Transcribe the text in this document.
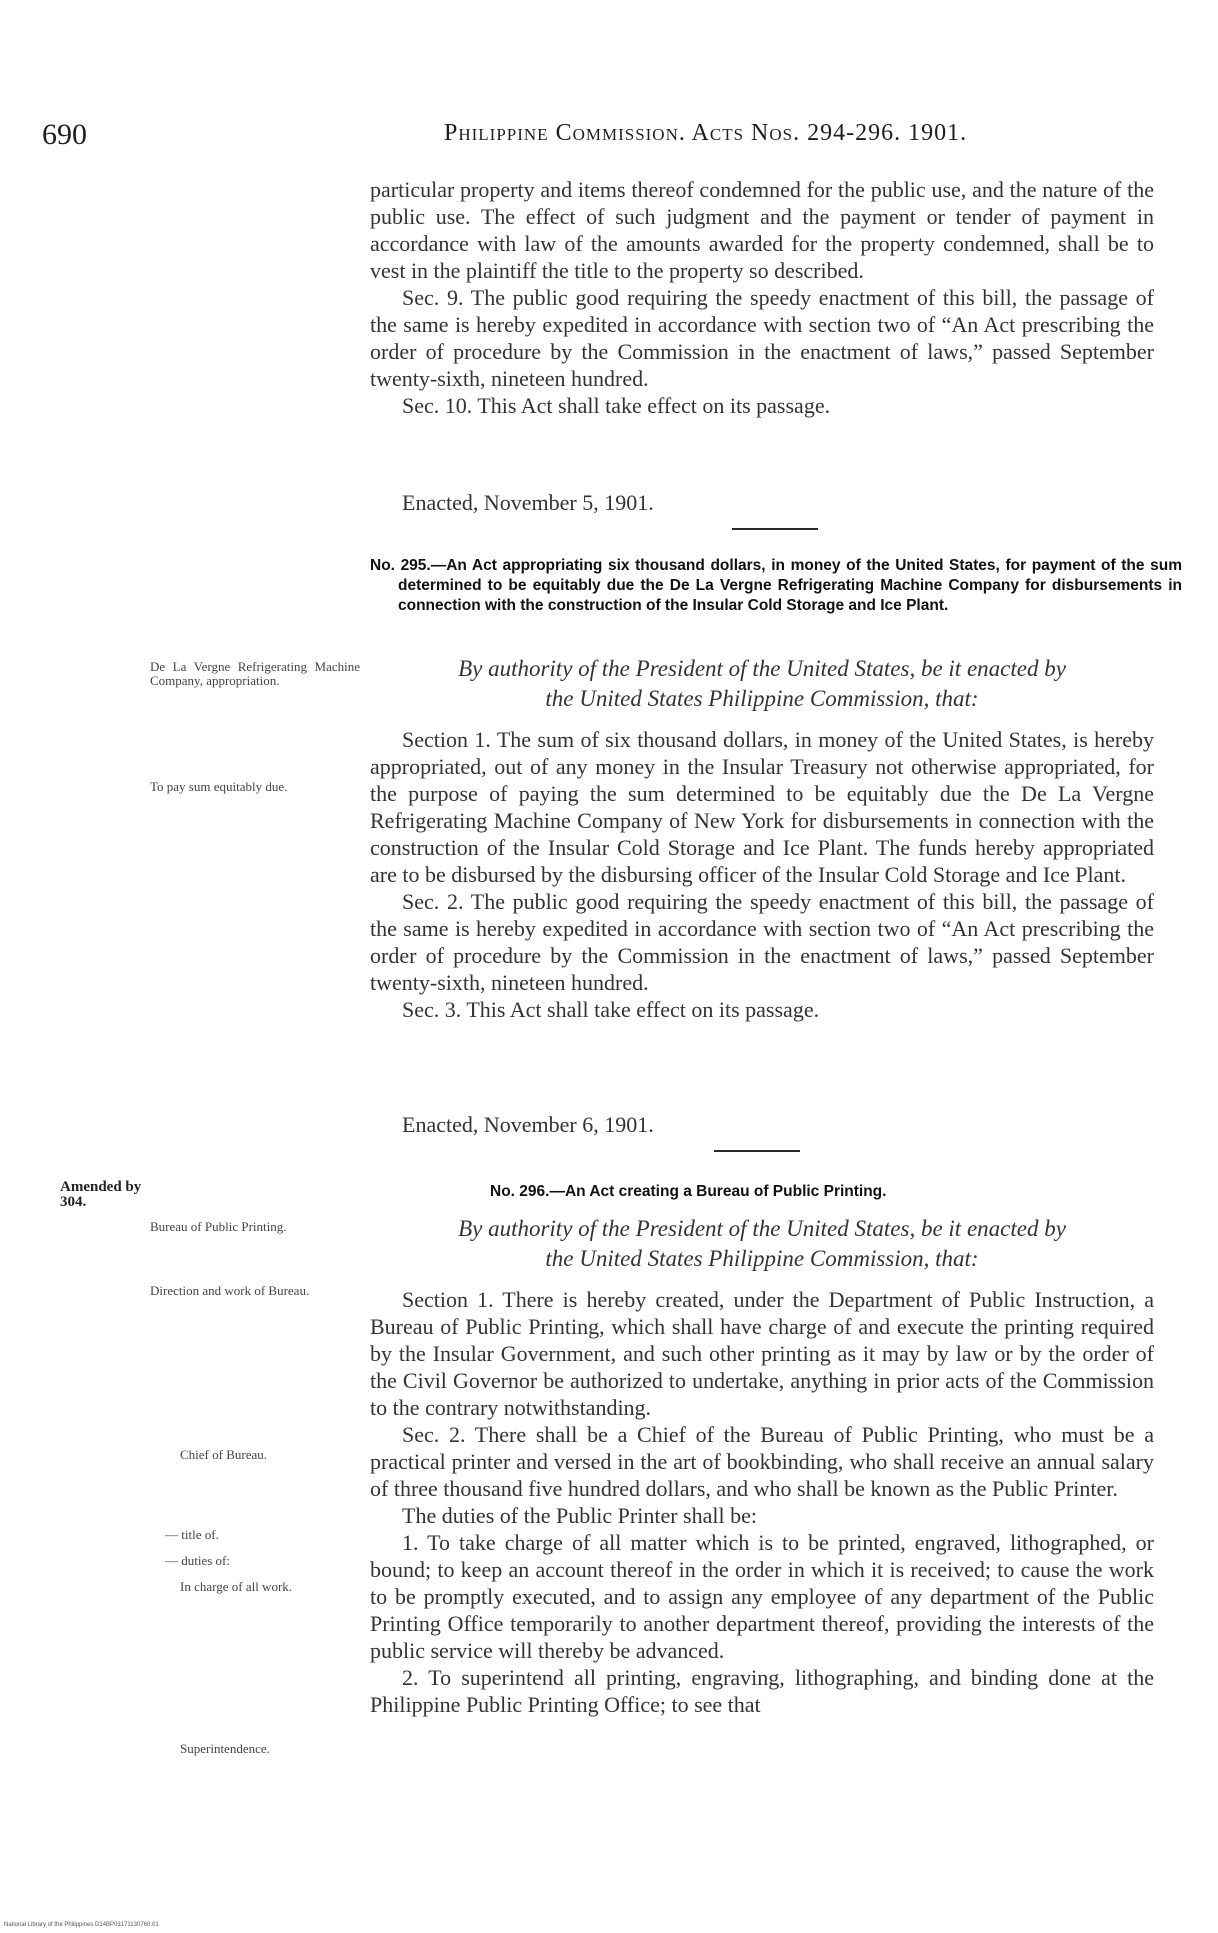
690	Philippine Commission. Acts Nos. 294-296. 1901.

particular property and items thereof condemned for the public use, and the nature of the public use. The effect of such judgment and the payment or tender of payment in accordance with law of the amounts awarded for the property condemned, shall be to vest in the plaintiff the title to the property so described.

Sec. 9. The public good requiring the speedy enactment of this bill, the passage of the same is hereby expedited in accordance with section two of “An Act prescribing the order of procedure by the Commission in the enactment of laws,” passed September twenty-sixth, nineteen hundred.

Sec. 10. This Act shall take effect on its passage.

Enacted, November 5, 1901.
No. 295.—An Act appropriating six thousand dollars, in money of the United States, for payment of the sum determined to be equitably due the De La Vergne Refrigerating Machine Company for disbursements in connection with the construction of the Insular Cold Storage and Ice Plant.
De La Vergne Refrigerating Machine Company, appropriation.	By authority of the President of the United States, be it enacted by
the United States Philippine Commission, that:
To pay sum equitably due.

Section 1. The sum of six thousand dollars, in money of the United States, is hereby appropriated, out of any money in the Insular Treasury not otherwise appropriated, for the purpose of paying the sum determined to be equitably due the De La Vergne Refrigerating Machine Company of New York for disbursements in connection with the construction of the Insular Cold Storage and Ice Plant. The funds hereby appropriated are to be disbursed by the disbursing officer of the Insular Cold Storage and Ice Plant.

Sec. 2. The public good requiring the speedy enactment of this bill, the passage of the same is hereby expedited in accordance with section two of “An Act prescribing the order of procedure by the Commission in the enactment of laws,” passed September twenty-sixth, nineteen hundred.

Sec. 3. This Act shall take effect on its passage.

Enacted, November 6, 1901.
Amended by 304.
No. 296.—An Act creating a Bureau of Public Printing.
Bureau of Public Printing.	By authority of the President of the United States, be it enacted by
the United States Philippine Commission, that:
Direction and work of Bureau.
Chief of Bureau.
— title of.
— duties of:
In charge of all work.
Superintendence.

Section 1. There is hereby created, under the Department of Public Instruction, a Bureau of Public Printing, which shall have charge of and execute the printing required by the Insular Government, and such other printing as it may by law or by the order of the Civil Governor be authorized to undertake, anything in prior acts of the Commission to the contrary notwithstanding.

Sec. 2. There shall be a Chief of the Bureau of Public Printing, who must be a practical printer and versed in the art of bookbinding, who shall receive an annual salary of three thousand five hundred dollars, and who shall be known as the Public Printer.

The duties of the Public Printer shall be:

1. To take charge of all matter which is to be printed, engraved, lithographed, or bound; to keep an account thereof in the order in which it is received; to cause the work to be promptly executed, and to assign any employee of any department of the Public Printing Office temporarily to another department thereof, providing the interests of the public service will thereby be advanced.

2. To superintend all printing, engraving, lithographing, and binding done at the Philippine Public Printing Office; to see that

National Library of the Philippines D14BP03171130760.01
